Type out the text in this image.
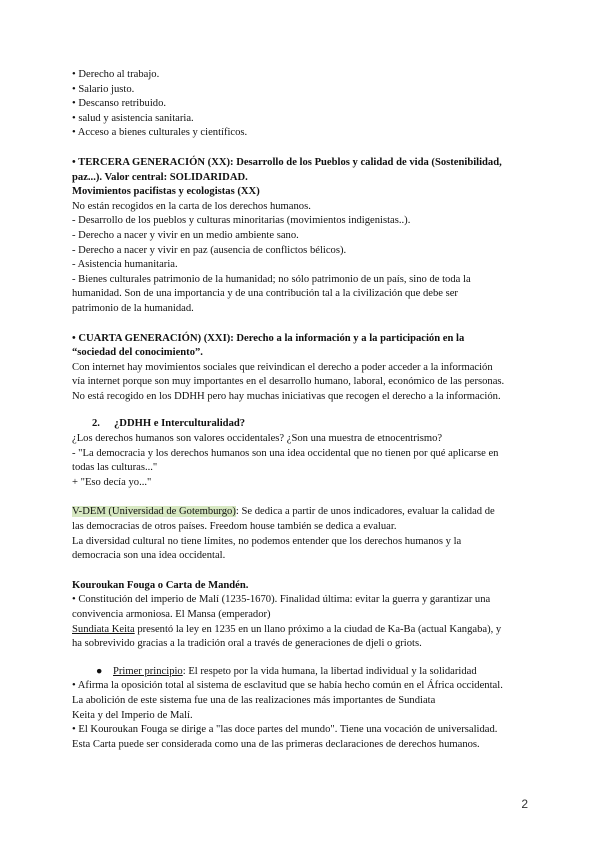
• Derecho al trabajo.
• Salario justo.
• Descanso retribuido.
• salud y asistencia sanitaria.
• Acceso a bienes culturales y científicos.
• TERCERA GENERACIÓN (XX): Desarrollo de los Pueblos y calidad de vida (Sostenibilidad,
paz...). Valor central: SOLIDARIDAD.
Movimientos pacifistas y ecologistas (XX)
No están recogidos en la carta de los derechos humanos.
- Desarrollo de los pueblos y culturas minoritarias (movimientos indigenistas..).
- Derecho a nacer y vivir en un medio ambiente sano.
- Derecho a nacer y vivir en paz (ausencia de conflictos bélicos).
- Asistencia humanitaria.
- Bienes culturales patrimonio de la humanidad; no sólo patrimonio de un país, sino de toda la
humanidad. Son de una importancia y de una contribución tal a la civilización que debe ser
patrimonio de la humanidad.
• CUARTA GENERACIÓN) (XXI): Derecho a la información y a la participación en la
“sociedad del conocimiento”.
Con internet hay movimientos sociales que reivindican el derecho a poder acceder a la información
vía internet porque son muy importantes en el desarrollo humano, laboral, económico de las personas.
No está recogido en los DDHH pero hay muchas iniciativas que recogen el derecho a la información.
2. ¿DDHH e Interculturalidad?
¿Los derechos humanos son valores occidentales? ¿Son una muestra de etnocentrismo?
- "La democracia y los derechos humanos son una idea occidental que no tienen por qué aplicarse en
todas las culturas..."
+ "Eso decía yo..."
V-DEM (Universidad de Gotemburgo): Se dedica a partir de unos indicadores, evaluar la calidad de
las democracias de otros países. Freedom house también se dedica a evaluar.
La diversidad cultural no tiene límites, no podemos entender que los derechos humanos y la
democracia son una idea occidental.
Kouroukan Fouga o Carta de Mandén.
• Constitución del imperio de Malí (1235-1670). Finalidad última: evitar la guerra y garantizar una
convivencia armoniosa. El Mansa (emperador)
Sundiata Keita presentó la ley en 1235 en un llano próximo a la ciudad de Ka-Ba (actual Kangaba), y
ha sobrevivido gracias a la tradición oral a través de generaciones de djeli o griots.
● Primer principio: El respeto por la vida humana, la libertad individual y la solidaridad
• Afirma la oposición total al sistema de esclavitud que se había hecho común en el África occidental.
La abolición de este sistema fue una de las realizaciones más importantes de Sundiata
Keita y del Imperio de Malí.
• El Kouroukan Fouga se dirige a "las doce partes del mundo". Tiene una vocación de universalidad.
Esta Carta puede ser considerada como una de las primeras declaraciones de derechos humanos.
2
